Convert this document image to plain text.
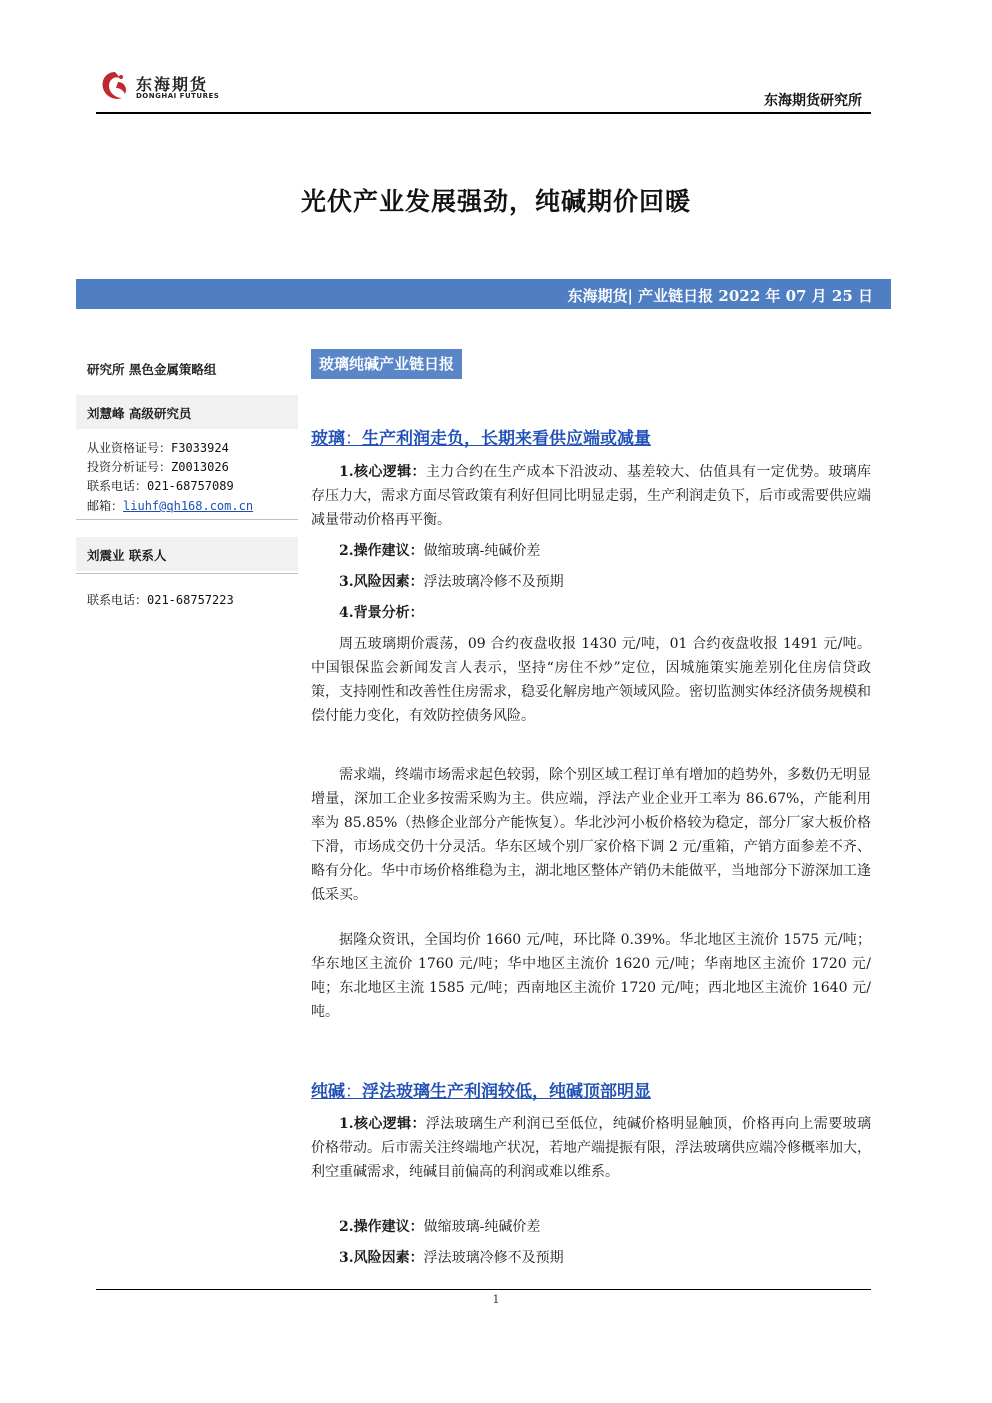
东海期货
DONGHAI FUTURES	东海期货研究所
光伏产业发展强劲，纯碱期价回暖
东海期货| 产业链日报 2022 年 07 月 25 日
研究所 黑色金属策略组
刘慧峰 高级研究员
从业资格证号：F3033924
投资分析证号：Z0013026
联系电话：021-68757089
邮箱：liuhf@qh168.com.cn
刘震业 联系人
联系电话：021-68757223
玻璃纯碱产业链日报
玻璃：生产利润走负，长期来看供应端或减量
1.核心逻辑：主力合约在生产成本下沿波动、基差较大、估值具有一定优势。玻璃库存压力大，需求方面尽管政策有利好但同比明显走弱，生产利润走负下，后市或需要供应端减量带动价格再平衡。
2.操作建议：做缩玻璃-纯碱价差
3.风险因素：浮法玻璃冷修不及预期
4.背景分析：
周五玻璃期价震荡，09 合约夜盘收报 1430 元/吨，01 合约夜盘收报 1491 元/吨。中国银保监会新闻发言人表示，坚持“房住不炒”定位，因城施策实施差别化住房信贷政策，支持刚性和改善性住房需求，稳妥化解房地产领域风险。密切监测实体经济债务规模和偿付能力变化，有效防控债务风险。
需求端，终端市场需求起色较弱，除个别区域工程订单有增加的趋势外，多数仍无明显增量，深加工企业多按需采购为主。供应端，浮法产业企业开工率为 86.67%，产能利用率为 85.85%（热修企业部分产能恢复）。华北沙河小板价格较为稳定，部分厂家大板价格下滑，市场成交仍十分灵活。华东区域个别厂家价格下调 2 元/重箱，产销方面参差不齐、略有分化。华中市场价格维稳为主，湖北地区整体产销仍未能做平，当地部分下游深加工逢低采买。
据隆众资讯，全国均价 1660 元/吨，环比降 0.39%。华北地区主流价 1575 元/吨；华东地区主流价 1760 元/吨；华中地区主流价 1620 元/吨；华南地区主流价 1720 元/吨；东北地区主流 1585 元/吨；西南地区主流价 1720 元/吨；西北地区主流价 1640 元/吨。
纯碱：浮法玻璃生产利润较低，纯碱顶部明显
1.核心逻辑：浮法玻璃生产利润已至低位，纯碱价格明显触顶，价格再向上需要玻璃价格带动。后市需关注终端地产状况，若地产端提振有限，浮法玻璃供应端冷修概率加大，利空重碱需求，纯碱目前偏高的利润或难以维系。
2.操作建议：做缩玻璃-纯碱价差
3.风险因素：浮法玻璃冷修不及预期
1
